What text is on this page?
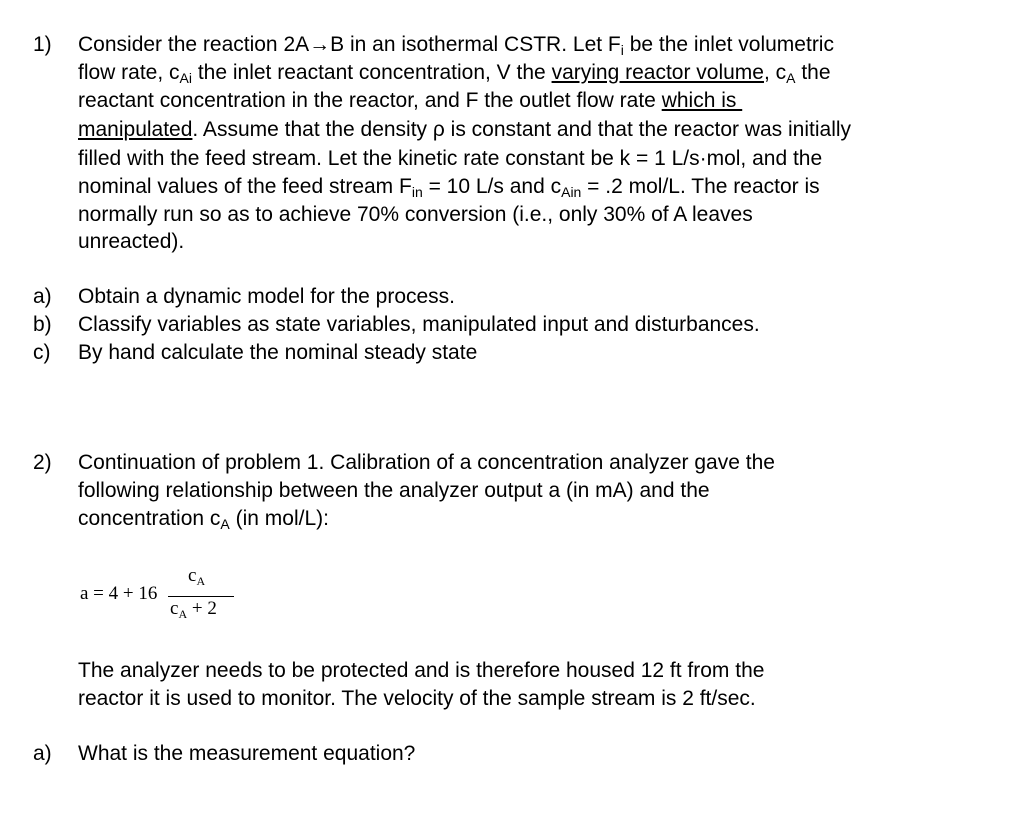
1) Consider the reaction 2A→B in an isothermal CSTR. Let $F_i$ be the inlet volumetric
flow rate, $c_{Ai}$ the inlet reactant concentration, V the varying reactor volume, $c_A$ the
reactant concentration in the reactor, and F the outlet flow rate which is
manipulated. Assume that the density ρ is constant and that the reactor was initially
filled with the feed stream. Let the kinetic rate constant be k = 1 L/s·mol, and the
nominal values of the feed stream $F_{in} = 10$ L/s and $c_{Ain} = .2$ mol/L. The reactor is
normally run so as to achieve 70% conversion (i.e., only 30% of A leaves
unreacted).
a) Obtain a dynamic model for the process.
b) Classify variables as state variables, manipulated input and disturbances.
c) By hand calculate the nominal steady state
2) Continuation of problem 1. Calibration of a concentration analyzer gave the
following relationship between the analyzer output a (in mA) and the
concentration $c_A$ (in mol/L):
a = 4 + 16
$c_A$
$c_A + 2$
The analyzer needs to be protected and is therefore housed 12 ft from the
reactor it is used to monitor. The velocity of the sample stream is 2 ft/sec.
a) What is the measurement equation?
